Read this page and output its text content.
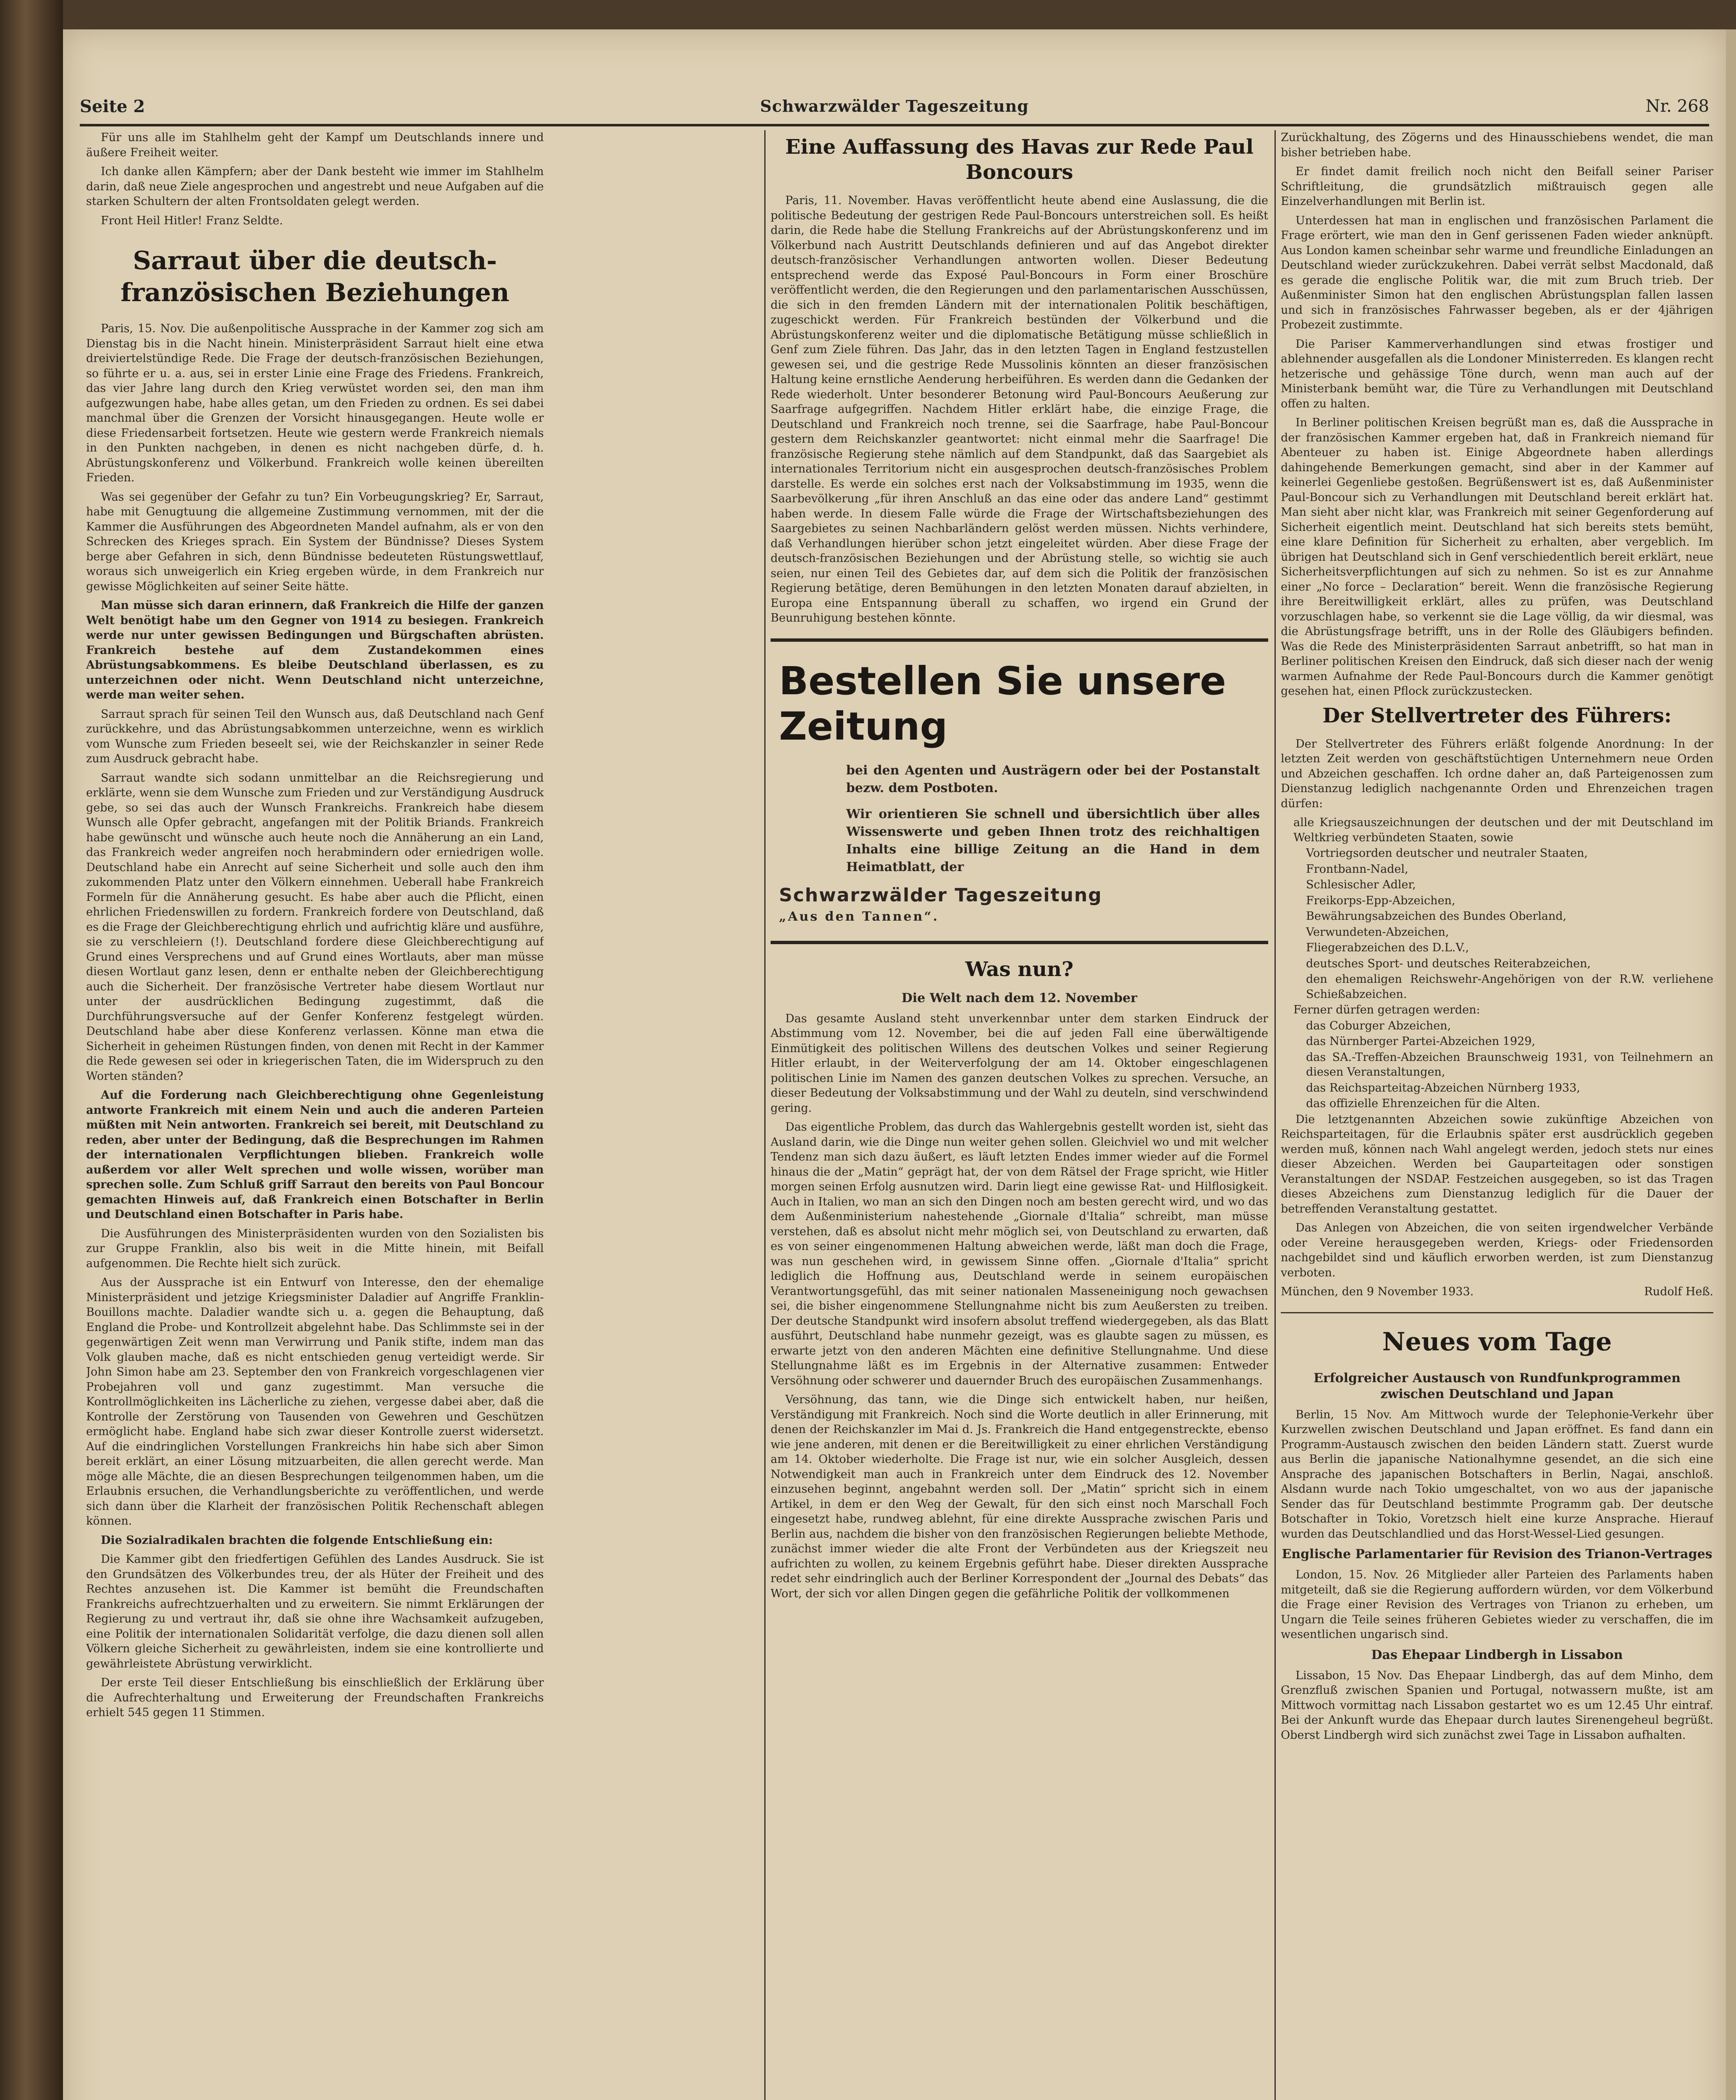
Seite 2	Schwarzwälder Tageszeitung	Nr. 268

Für uns alle im Stahlhelm geht der Kampf um Deutschlands innere und äußere Freiheit weiter.

Ich danke allen Kämpfern; aber der Dank besteht wie immer im Stahlhelm darin, daß neue Ziele angesprochen und angestrebt und neue Aufgaben auf die starken Schultern der alten Frontsoldaten gelegt werden.

Front Heil Hitler! Franz Seldte.

Sarraut über die deutsch-französischen Beziehungen

Paris, 15. Nov. Die außenpolitische Aussprache in der Kammer zog sich am Dienstag bis in die Nacht hinein. Ministerpräsident Sarraut hielt eine etwa dreiviertelstündige Rede. Die Frage der deutsch-französischen Beziehungen, so führte er u. a. aus, sei in erster Linie eine Frage des Friedens. Frankreich, das vier Jahre lang durch den Krieg verwüstet worden sei, den man ihm aufgezwungen habe, habe alles getan, um den Frieden zu ordnen. Es sei dabei manchmal über die Grenzen der Vorsicht hinausgegangen. Heute wolle er diese Friedensarbeit fortsetzen. Heute wie gestern werde Frankreich niemals in den Punkten nachgeben, in denen es nicht nachgeben dürfe, d. h. Abrüstungskonferenz und Völkerbund. Frankreich wolle keinen übereilten Frieden.

Was sei gegenüber der Gefahr zu tun? Ein Vorbeugungskrieg? Er, Sarraut, habe mit Genugtuung die allgemeine Zustimmung vernommen, mit der die Kammer die Ausführungen des Abgeordneten Mandel aufnahm, als er von den Schrecken des Krieges sprach. Ein System der Bündnisse? Dieses System berge aber Gefahren in sich, denn Bündnisse bedeuteten Rüstungswettlauf, woraus sich unweigerlich ein Krieg ergeben würde, in dem Frankreich nur gewisse Möglichkeiten auf seiner Seite hätte.

Man müsse sich daran erinnern, daß Frankreich die Hilfe der ganzen Welt benötigt habe um den Gegner von 1914 zu besiegen. Frankreich werde nur unter gewissen Bedingungen und Bürgschaften abrüsten. Frankreich bestehe auf dem Zustandekommen eines Abrüstungsabkommens. Es bleibe Deutschland überlassen, es zu unterzeichnen oder nicht. Wenn Deutschland nicht unterzeichne, werde man weiter sehen.

Sarraut sprach für seinen Teil den Wunsch aus, daß Deutschland nach Genf zurückkehre, und das Abrüstungsabkommen unterzeichne, wenn es wirklich vom Wunsche zum Frieden beseelt sei, wie der Reichskanzler in seiner Rede zum Ausdruck gebracht habe.

Sarraut wandte sich sodann unmittelbar an die Reichsregierung und erklärte, wenn sie dem Wunsche zum Frieden und zur Verständigung Ausdruck gebe, so sei das auch der Wunsch Frankreichs. Frankreich habe diesem Wunsch alle Opfer gebracht, angefangen mit der Politik Briands. Frankreich habe gewünscht und wünsche auch heute noch die Annäherung an ein Land, das Frankreich weder angreifen noch herabmindern oder erniedrigen wolle. Deutschland habe ein Anrecht auf seine Sicherheit und solle auch den ihm zukommenden Platz unter den Völkern einnehmen. Ueberall habe Frankreich Formeln für die Annäherung gesucht. Es habe aber auch die Pflicht, einen ehrlichen Friedenswillen zu fordern. Frankreich fordere von Deutschland, daß es die Frage der Gleichberechtigung ehrlich und aufrichtig kläre und ausführe, sie zu verschleiern (!). Deutschland fordere diese Gleichberechtigung auf Grund eines Versprechens und auf Grund eines Wortlauts, aber man müsse diesen Wortlaut ganz lesen, denn er enthalte neben der Gleichberechtigung auch die Sicherheit. Der französische Vertreter habe diesem Wortlaut nur unter der ausdrücklichen Bedingung zugestimmt, daß die Durchführungsversuche auf der Genfer Konferenz festgelegt würden. Deutschland habe aber diese Konferenz verlassen. Könne man etwa die Sicherheit in geheimen Rüstungen finden, von denen mit Recht in der Kammer die Rede gewesen sei oder in kriegerischen Taten, die im Widerspruch zu den Worten ständen?

Auf die Forderung nach Gleichberechtigung ohne Gegenleistung antworte Frankreich mit einem Nein und auch die anderen Parteien müßten mit Nein antworten. Frankreich sei bereit, mit Deutschland zu reden, aber unter der Bedingung, daß die Besprechungen im Rahmen der internationalen Verpflichtungen blieben. Frankreich wolle außerdem vor aller Welt sprechen und wolle wissen, worüber man sprechen solle. Zum Schluß griff Sarraut den bereits von Paul Boncour gemachten Hinweis auf, daß Frankreich einen Botschafter in Berlin und Deutschland einen Botschafter in Paris habe.

Die Ausführungen des Ministerpräsidenten wurden von den Sozialisten bis zur Gruppe Franklin, also bis weit in die Mitte hinein, mit Beifall aufgenommen. Die Rechte hielt sich zurück.

Aus der Aussprache ist ein Entwurf von Interesse, den der ehemalige Ministerpräsident und jetzige Kriegsminister Daladier auf Angriffe Franklin-Bouillons machte. Daladier wandte sich u. a. gegen die Behauptung, daß England die Probe- und Kontrollzeit abgelehnt habe. Das Schlimmste sei in der gegenwärtigen Zeit wenn man Verwirrung und Panik stifte, indem man das Volk glauben mache, daß es nicht entschieden genug verteidigt werde. Sir John Simon habe am 23. September den von Frankreich vorgeschlagenen vier Probejahren voll und ganz zugestimmt. Man versuche die Kontrollmöglichkeiten ins Lächerliche zu ziehen, vergesse dabei aber, daß die Kontrolle der Zerstörung von Tausenden von Gewehren und Geschützen ermöglicht habe. England habe sich zwar dieser Kontrolle zuerst widersetzt. Auf die eindringlichen Vorstellungen Frankreichs hin habe sich aber Simon bereit erklärt, an einer Lösung mitzuarbeiten, die allen gerecht werde. Man möge alle Mächte, die an diesen Besprechungen teilgenommen haben, um die Erlaubnis ersuchen, die Verhandlungsberichte zu veröffentlichen, und werde sich dann über die Klarheit der französischen Politik Rechenschaft ablegen können.

Die Sozialradikalen brachten die folgende Entschließung ein:

Die Kammer gibt den friedfertigen Gefühlen des Landes Ausdruck. Sie ist den Grundsätzen des Völkerbundes treu, der als Hüter der Freiheit und des Rechtes anzusehen ist. Die Kammer ist bemüht die Freundschaften Frankreichs aufrechtzuerhalten und zu erweitern. Sie nimmt Erklärungen der Regierung zu und vertraut ihr, daß sie ohne ihre Wachsamkeit aufzugeben, eine Politik der internationalen Solidarität verfolge, die dazu dienen soll allen Völkern gleiche Sicherheit zu gewährleisten, indem sie eine kontrollierte und gewährleistete Abrüstung verwirklicht.

Der erste Teil dieser Entschließung bis einschließlich der Erklärung über die Aufrechterhaltung und Erweiterung der Freundschaften Frankreichs erhielt 545 gegen 11 Stimmen.

Eine Auffassung des Havas zur Rede Paul Boncours

Paris, 11. November. Havas veröffentlicht heute abend eine Auslassung, die die politische Bedeutung der gestrigen Rede Paul-Boncours unterstreichen soll. Es heißt darin, die Rede habe die Stellung Frankreichs auf der Abrüstungskonferenz und im Völkerbund nach Austritt Deutschlands definieren und auf das Angebot direkter deutsch-französischer Verhandlungen antworten wollen. Dieser Bedeutung entsprechend werde das Exposé Paul-Boncours in Form einer Broschüre veröffentlicht werden, die den Regierungen und den parlamentarischen Ausschüssen, die sich in den fremden Ländern mit der internationalen Politik beschäftigen, zugeschickt werden. Für Frankreich bestünden der Völkerbund und die Abrüstungskonferenz weiter und die diplomatische Betätigung müsse schließlich in Genf zum Ziele führen. Das Jahr, das in den letzten Tagen in England festzustellen gewesen sei, und die gestrige Rede Mussolinis könnten an dieser französischen Haltung keine ernstliche Aenderung herbeiführen. Es werden dann die Gedanken der Rede wiederholt. Unter besonderer Betonung wird Paul-Boncours Aeußerung zur Saarfrage aufgegriffen. Nachdem Hitler erklärt habe, die einzige Frage, die Deutschland und Frankreich noch trenne, sei die Saarfrage, habe Paul-Boncour gestern dem Reichskanzler geantwortet: nicht einmal mehr die Saarfrage! Die französische Regierung stehe nämlich auf dem Standpunkt, daß das Saargebiet als internationales Territorium nicht ein ausgesprochen deutsch-französisches Problem darstelle. Es werde ein solches erst nach der Volksabstimmung im 1935, wenn die Saarbevölkerung „für ihren Anschluß an das eine oder das andere Land“ gestimmt haben werde. In diesem Falle würde die Frage der Wirtschaftsbeziehungen des Saargebietes zu seinen Nachbarländern gelöst werden müssen. Nichts verhindere, daß Verhandlungen hierüber schon jetzt eingeleitet würden. Aber diese Frage der deutsch-französischen Beziehungen und der Abrüstung stelle, so wichtig sie auch seien, nur einen Teil des Gebietes dar, auf dem sich die Politik der französischen Regierung betätige, deren Bemühungen in den letzten Monaten darauf abzielten, in Europa eine Entspannung überall zu schaffen, wo irgend ein Grund der Beunruhigung bestehen könnte.

Bestellen Sie unsere Zeitung

bei den Agenten und Austrägern oder bei der Postanstalt bezw. dem Postboten.

Wir orientieren Sie schnell und übersichtlich über alles Wissenswerte und geben Ihnen trotz des reichhaltigen Inhalts eine billige Zeitung an die Hand in dem Heimatblatt, der

Schwarzwälder Tageszeitung
„Aus den Tannen“.
Was nun?
Die Welt nach dem 12. November

Das gesamte Ausland steht unverkennbar unter dem starken Eindruck der Abstimmung vom 12. November, bei die auf jeden Fall eine überwältigende Einmütigkeit des politischen Willens des deutschen Volkes und seiner Regierung Hitler erlaubt, in der Weiterverfolgung der am 14. Oktober eingeschlagenen politischen Linie im Namen des ganzen deutschen Volkes zu sprechen. Versuche, an dieser Bedeutung der Volksabstimmung und der Wahl zu deuteln, sind verschwindend gering.

Das eigentliche Problem, das durch das Wahlergebnis gestellt worden ist, sieht das Ausland darin, wie die Dinge nun weiter gehen sollen. Gleichviel wo und mit welcher Tendenz man sich dazu äußert, es läuft letzten Endes immer wieder auf die Formel hinaus die der „Matin“ geprägt hat, der von dem Rätsel der Frage spricht, wie Hitler morgen seinen Erfolg ausnutzen wird. Darin liegt eine gewisse Rat- und Hilflosigkeit. Auch in Italien, wo man an sich den Dingen noch am besten gerecht wird, und wo das dem Außenministerium nahestehende „Giornale d'Italia“ schreibt, man müsse verstehen, daß es absolut nicht mehr möglich sei, von Deutschland zu erwarten, daß es von seiner eingenommenen Haltung abweichen werde, läßt man doch die Frage, was nun geschehen wird, in gewissem Sinne offen. „Giornale d'Italia“ spricht lediglich die Hoffnung aus, Deutschland werde in seinem europäischen Verantwortungsgefühl, das mit seiner nationalen Masseneinigung noch gewachsen sei, die bisher eingenommene Stellungnahme nicht bis zum Aeußersten zu treiben. Der deutsche Standpunkt wird insofern absolut treffend wiedergegeben, als das Blatt ausführt, Deutschland habe nunmehr gezeigt, was es glaubte sagen zu müssen, es erwarte jetzt von den anderen Mächten eine definitive Stellungnahme. Und diese Stellungnahme läßt es im Ergebnis in der Alternative zusammen: Entweder Versöhnung oder schwerer und dauernder Bruch des europäischen Zusammenhangs.

Versöhnung, das tann, wie die Dinge sich entwickelt haben, nur heißen, Verständigung mit Frankreich. Noch sind die Worte deutlich in aller Erinnerung, mit denen der Reichskanzler im Mai d. Js. Frankreich die Hand entgegenstreckte, ebenso wie jene anderen, mit denen er die Bereitwilligkeit zu einer ehrlichen Verständigung am 14. Oktober wiederholte. Die Frage ist nur, wie ein solcher Ausgleich, dessen Notwendigkeit man auch in Frankreich unter dem Eindruck des 12. November einzusehen beginnt, angebahnt werden soll. Der „Matin“ spricht sich in einem Artikel, in dem er den Weg der Gewalt, für den sich einst noch Marschall Foch eingesetzt habe, rundweg ablehnt, für eine direkte Aussprache zwischen Paris und Berlin aus, nachdem die bisher von den französischen Regierungen beliebte Methode, zunächst immer wieder die alte Front der Verbündeten aus der Kriegszeit neu aufrichten zu wollen, zu keinem Ergebnis geführt habe. Dieser direkten Aussprache redet sehr eindringlich auch der Berliner Korrespondent der „Journal des Debats“ das Wort, der sich vor allen Dingen gegen die gefährliche Politik der vollkommenen

Zurückhaltung, des Zögerns und des Hinausschiebens wendet, die man bisher betrieben habe.

Er findet damit freilich noch nicht den Beifall seiner Pariser Schriftleitung, die grundsätzlich mißtrauisch gegen alle Einzelverhandlungen mit Berlin ist.

Unterdessen hat man in englischen und französischen Parlament die Frage erörtert, wie man den in Genf gerissenen Faden wieder anknüpft. Aus London kamen scheinbar sehr warme und freundliche Einladungen an Deutschland wieder zurückzukehren. Dabei verrät selbst Macdonald, daß es gerade die englische Politik war, die mit zum Bruch trieb. Der Außenminister Simon hat den englischen Abrüstungsplan fallen lassen und sich in französisches Fahrwasser begeben, als er der 4jährigen Probezeit zustimmte.

Die Pariser Kammerverhandlungen sind etwas frostiger und ablehnender ausgefallen als die Londoner Ministerreden. Es klangen recht hetzerische und gehässige Töne durch, wenn man auch auf der Ministerbank bemüht war, die Türe zu Verhandlungen mit Deutschland offen zu halten.

In Berliner politischen Kreisen begrüßt man es, daß die Aussprache in der französischen Kammer ergeben hat, daß in Frankreich niemand für Abenteuer zu haben ist. Einige Abgeordnete haben allerdings dahingehende Bemerkungen gemacht, sind aber in der Kammer auf keinerlei Gegenliebe gestoßen. Begrüßenswert ist es, daß Außenminister Paul-Boncour sich zu Verhandlungen mit Deutschland bereit erklärt hat. Man sieht aber nicht klar, was Frankreich mit seiner Gegenforderung auf Sicherheit eigentlich meint. Deutschland hat sich bereits stets bemüht, eine klare Definition für Sicherheit zu erhalten, aber vergeblich. Im übrigen hat Deutschland sich in Genf verschiedentlich bereit erklärt, neue Sicherheitsverpflichtungen auf sich zu nehmen. So ist es zur Annahme einer „No force – Declaration“ bereit. Wenn die französische Regierung ihre Bereitwilligkeit erklärt, alles zu prüfen, was Deutschland vorzuschlagen habe, so verkennt sie die Lage völlig, da wir diesmal, was die Abrüstungsfrage betrifft, uns in der Rolle des Gläubigers befinden. Was die Rede des Ministerpräsidenten Sarraut anbetrifft, so hat man in Berliner politischen Kreisen den Eindruck, daß sich dieser nach der wenig warmen Aufnahme der Rede Paul-Boncours durch die Kammer genötigt gesehen hat, einen Pflock zurückzustecken.

Der Stellvertreter des Führers:

Der Stellvertreter des Führers erläßt folgende Anordnung: In der letzten Zeit werden von geschäftstüchtigen Unternehmern neue Orden und Abzeichen geschaffen. Ich ordne daher an, daß Parteigenossen zum Dienstanzug lediglich nachgenannte Orden und Ehrenzeichen tragen dürfen:

alle Kriegsauszeichnungen der deutschen und der mit Deutschland im Weltkrieg verbündeten Staaten, sowie

Vortriegsorden deutscher und neutraler Staaten,

Frontbann-Nadel,

Schlesischer Adler,

Freikorps-Epp-Abzeichen,

Bewährungsabzeichen des Bundes Oberland,

Verwundeten-Abzeichen,

Fliegerabzeichen des D.L.V.,

deutsches Sport- und deutsches Reiterabzeichen,

den ehemaligen Reichswehr-Angehörigen von der R.W. verliehene Schießabzeichen.

Ferner dürfen getragen werden:

das Coburger Abzeichen,

das Nürnberger Partei-Abzeichen 1929,

das SA.-Treffen-Abzeichen Braunschweig 1931, von Teilnehmern an diesen Veranstaltungen,

das Reichsparteitag-Abzeichen Nürnberg 1933,

das offizielle Ehrenzeichen für die Alten.

Die letztgenannten Abzeichen sowie zukünftige Abzeichen von Reichsparteitagen, für die Erlaubnis später erst ausdrücklich gegeben werden muß, können nach Wahl angelegt werden, jedoch stets nur eines dieser Abzeichen. Werden bei Gauparteitagen oder sonstigen Veranstaltungen der NSDAP. Festzeichen ausgegeben, so ist das Tragen dieses Abzeichens zum Dienstanzug lediglich für die Dauer der betreffenden Veranstaltung gestattet.

Das Anlegen von Abzeichen, die von seiten irgendwelcher Verbände oder Vereine herausgegeben werden, Kriegs- oder Friedensorden nachgebildet sind und käuflich erworben werden, ist zum Dienstanzug verboten.

München, den 9 November 1933.	Rudolf Heß.

Neues vom Tage
Erfolgreicher Austausch von Rundfunkprogrammen zwischen Deutschland und Japan

Berlin, 15 Nov. Am Mittwoch wurde der Telephonie-Verkehr über Kurzwellen zwischen Deutschland und Japan eröffnet. Es fand dann ein Programm-Austausch zwischen den beiden Ländern statt. Zuerst wurde aus Berlin die japanische Nationalhymne gesendet, an die sich eine Ansprache des japanischen Botschafters in Berlin, Nagai, anschloß. Alsdann wurde nach Tokio umgeschaltet, von wo aus der japanische Sender das für Deutschland bestimmte Programm gab. Der deutsche Botschafter in Tokio, Voretzsch hielt eine kurze Ansprache. Hierauf wurden das Deutschlandlied und das Horst-Wessel-Lied gesungen.

Englische Parlamentarier für Revision des Trianon-Vertrages

London, 15. Nov. 26 Mitglieder aller Parteien des Parlaments haben mitgeteilt, daß sie die Regierung auffordern würden, vor dem Völkerbund die Frage einer Revision des Vertrages von Trianon zu erheben, um Ungarn die Teile seines früheren Gebietes wieder zu verschaffen, die im wesentlichen ungarisch sind.

Das Ehepaar Lindbergh in Lissabon

Lissabon, 15 Nov. Das Ehepaar Lindbergh, das auf dem Minho, dem Grenzfluß zwischen Spanien und Portugal, notwassern mußte, ist am Mittwoch vormittag nach Lissabon gestartet wo es um 12.45 Uhr eintraf. Bei der Ankunft wurde das Ehepaar durch lautes Sirenengeheul begrüßt. Oberst Lindbergh wird sich zunächst zwei Tage in Lissabon aufhalten.
